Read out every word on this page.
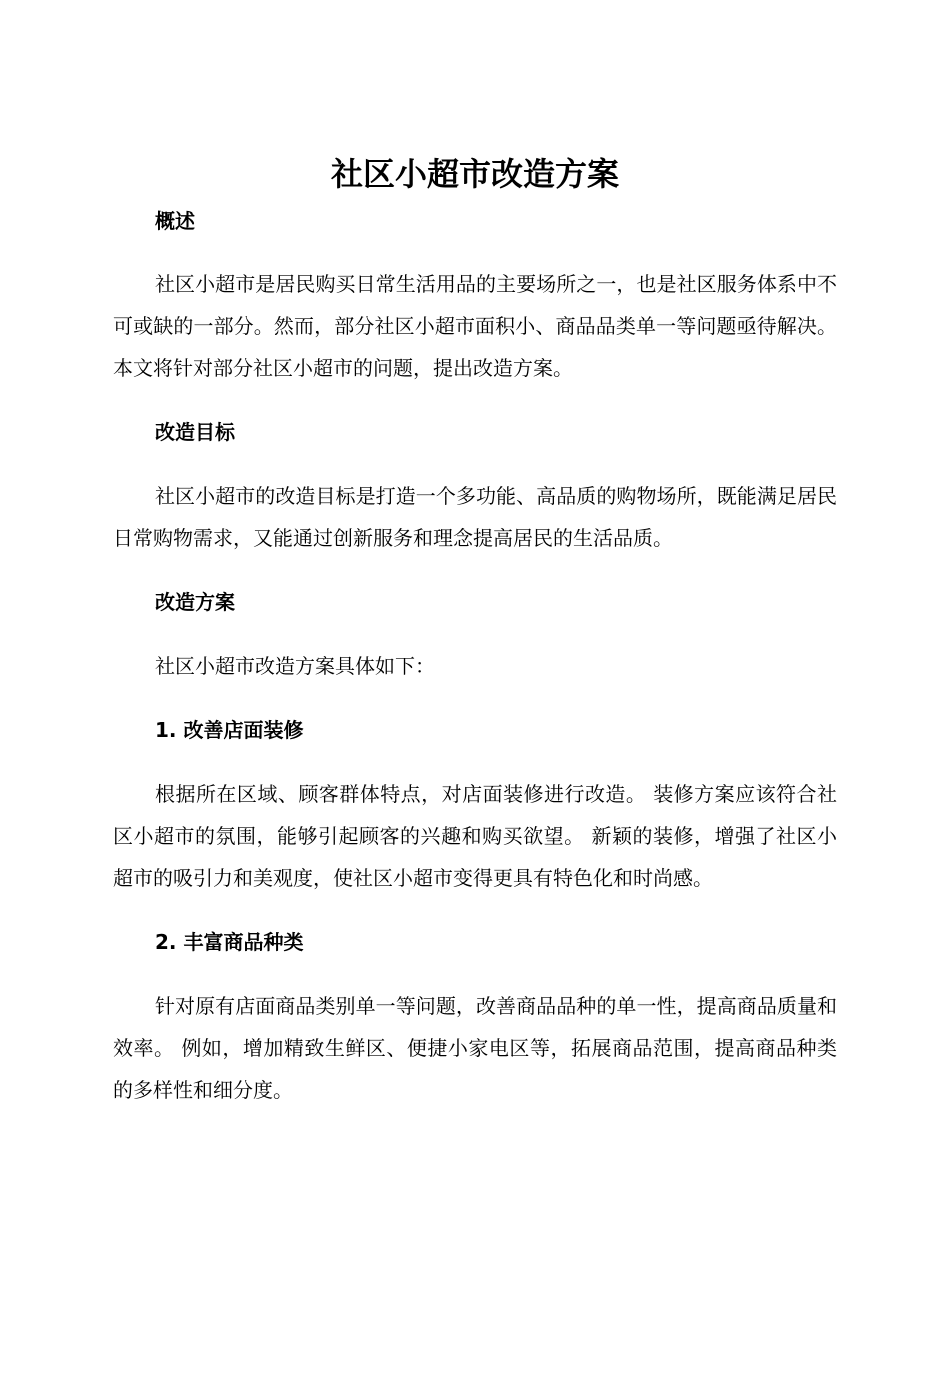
社区小超市改造方案
概述

社区小超市是居民购买日常生活用品的主要场所之一，也是社区服务体系中不可或缺的一部分。然而，部分社区小超市面积小、商品品类单一等问题亟待解决。本文将针对部分社区小超市的问题，提出改造方案。

改造目标

社区小超市的改造目标是打造一个多功能、高品质的购物场所，既能满足居民日常购物需求，又能通过创新服务和理念提高居民的生活品质。

改造方案

社区小超市改造方案具体如下：

1. 改善店面装修

根据所在区域、顾客群体特点，对店面装修进行改造。 装修方案应该符合社区小超市的氛围，能够引起顾客的兴趣和购买欲望。 新颖的装修，增强了社区小超市的吸引力和美观度，使社区小超市变得更具有特色化和时尚感。

2. 丰富商品种类

针对原有店面商品类别单一等问题，改善商品品种的单一性，提高商品质量和效率。 例如，增加精致生鲜区、便捷小家电区等，拓展商品范围，提高商品种类的多样性和细分度。
